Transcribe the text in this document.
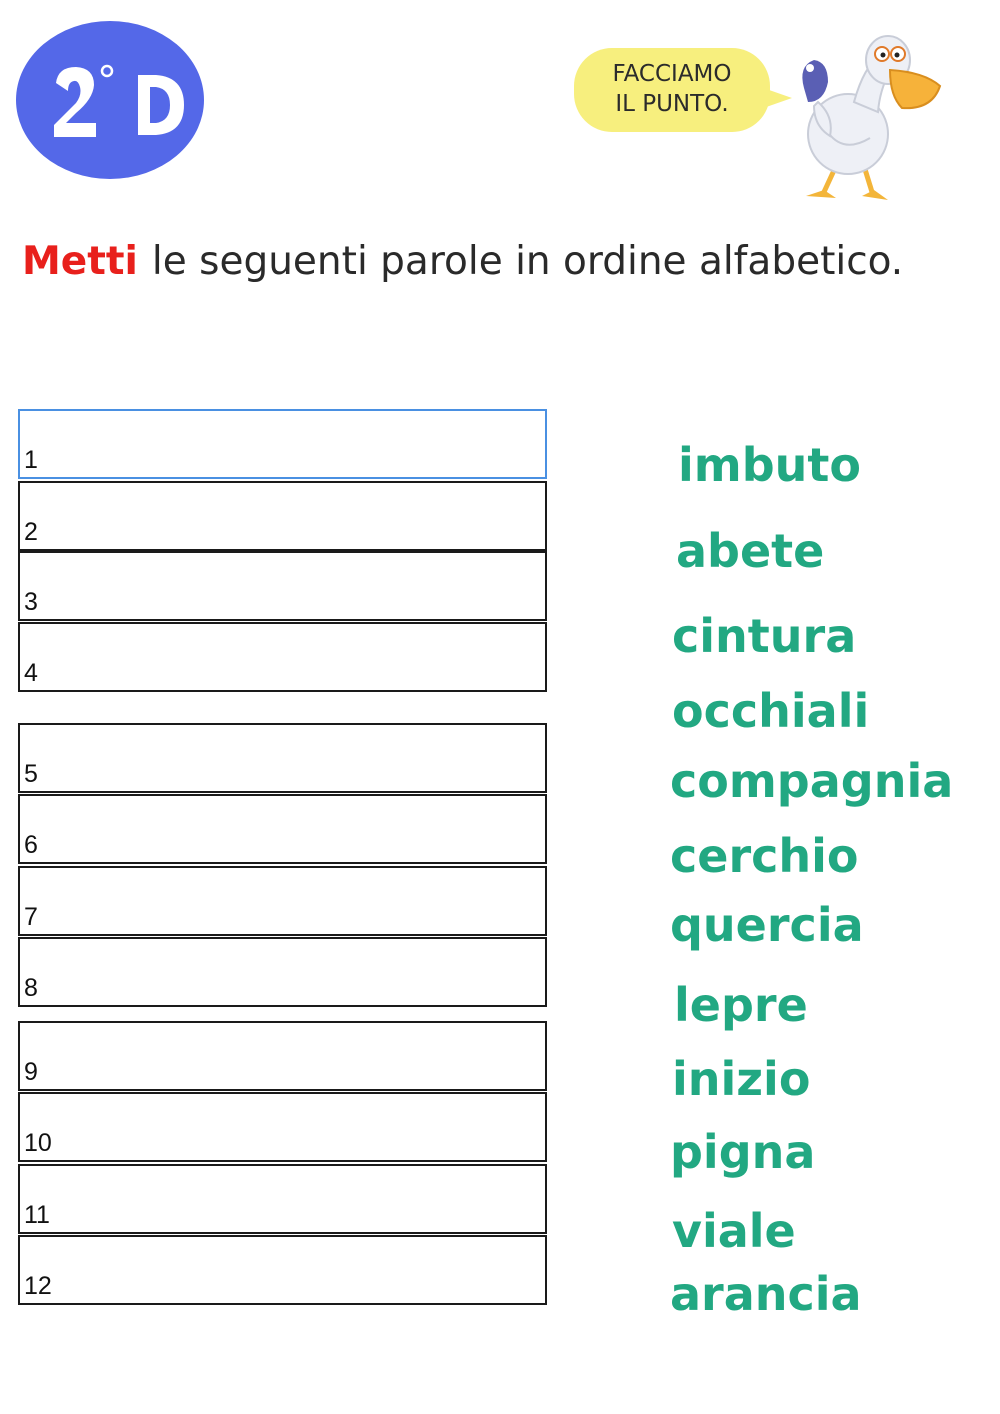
FACCIAMO
IL PUNTO.
Metti le seguenti parole in ordine alfabetico.
1
2
3
4
5
6
7
8
9
10
11
12
imbuto
abete
cintura
occhiali
compagnia
cerchio
quercia
lepre
inizio
pigna
viale
arancia
